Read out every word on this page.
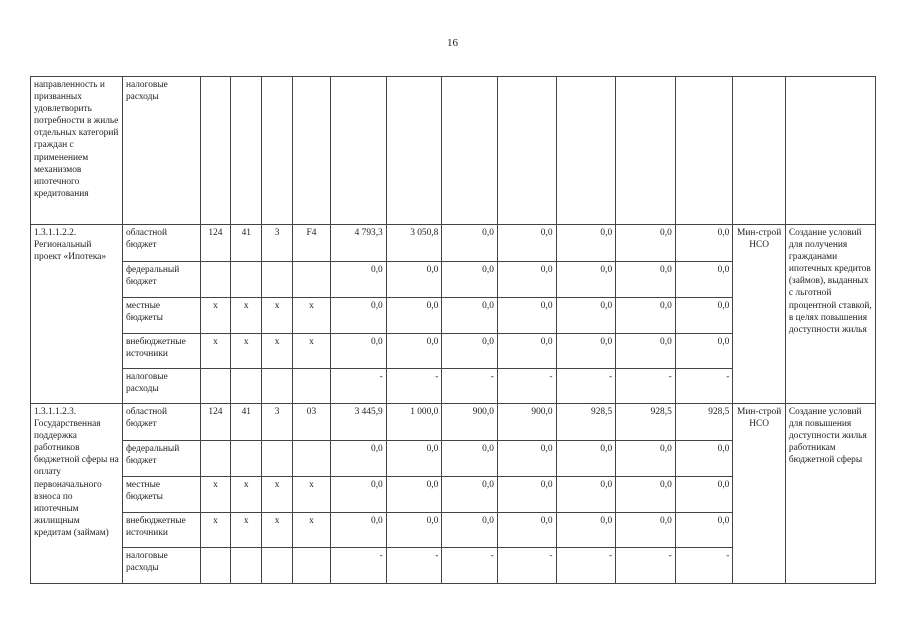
16
направленность и призванных удовлетворить потребности в жилье отдельных категорий граждан с применением механизмов ипотечного кредитования	налоговые расходы													
1.3.1.1.2.2. Региональный проект «Ипотека»	областной бюджет	124	41	3	F4	4 793,3	3 050,8	0,0	0,0	0,0	0,0	0,0	Мин-строй НСО	Создание условий для получения гражданами ипотечных кредитов (займов), выданных с льготной процентной ставкой, в целях повышения доступности жилья
	федеральный бюджет					0,0	0,0	0,0	0,0	0,0	0,0	0,0		
	местные бюджеты	x	x	x	x	0,0	0,0	0,0	0,0	0,0	0,0	0,0		
	внебюджетные источники	x	x	x	x	0,0	0,0	0,0	0,0	0,0	0,0	0,0		
	налоговые расходы					-	-	-	-	-	-	-		
1.3.1.1.2.3. Государственная поддержка работников бюджетной сферы на оплату первоначального взноса по ипотечным жилищным кредитам (займам)	областной бюджет	124	41	3	03	3 445,9	1 000,0	900,0	900,0	928,5	928,5	928,5	Мин-строй НСО	Создание условий для повышения доступности жилья работникам бюджетной сферы
	федеральный бюджет					0,0	0,0	0,0	0,0	0,0	0,0	0,0		
	местные бюджеты	x	x	x	x	0,0	0,0	0,0	0,0	0,0	0,0	0,0		
	внебюджетные источники	x	x	x	x	0,0	0,0	0,0	0,0	0,0	0,0	0,0		
	налоговые расходы					-	-	-	-	-	-	-		
